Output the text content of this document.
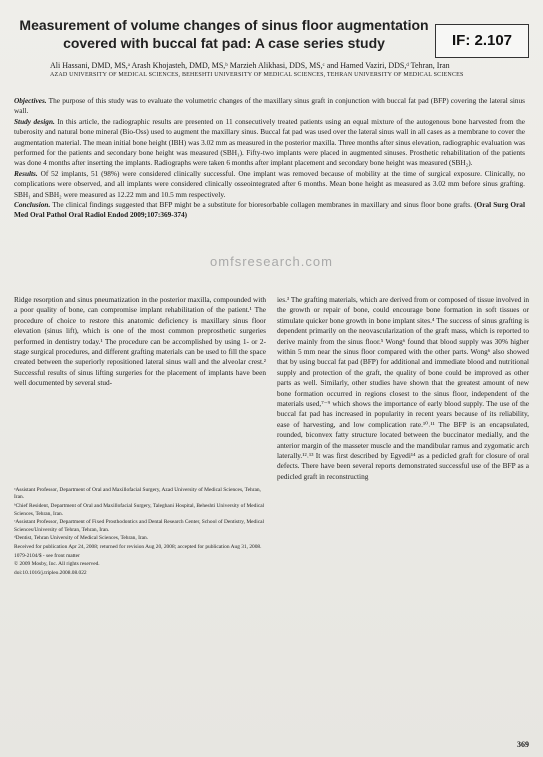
Measurement of volume changes of sinus floor augmentation covered with buccal fat pad: A case series study	IF: 2.107
Ali Hassani, DMD, MS,ᵃ Arash Khojasteh, DMD, MS,ᵇ Marzieh Alikhasi, DDS, MS,ᶜ and Hamed Vaziri, DDS,ᵈ Tehran, Iran
AZAD UNIVERSITY OF MEDICAL SCIENCES, BEHESHTI UNIVERSITY OF MEDICAL SCIENCES, TEHRAN UNIVERSITY OF MEDICAL SCIENCES

Objectives. The purpose of this study was to evaluate the volumetric changes of the maxillary sinus graft in conjunction with buccal fat pad (BFP) covering the lateral sinus wall.

Study design. In this article, the radiographic results are presented on 11 consecutively treated patients using an equal mixture of the autogenous bone harvested from the tuberosity and natural bone mineral (Bio-Oss) used to augment the maxillary sinus. Buccal fat pad was used over the lateral sinus wall in all cases as a membrane to cover the augmentation material. The mean initial bone height (IBH) was 3.02 mm as measured in the posterior maxilla. Three months after sinus elevation, radiographic evaluation was performed for the patients and secondary bone height was measured (SBH₁). Fifty-two implants were placed in augmented sinuses. Prosthetic rehabilitation of the patients was done 4 months after inserting the implants. Radiographs were taken 6 months after implant placement and secondary bone height was measured (SBH₂).

Results. Of 52 implants, 51 (98%) were considered clinically successful. One implant was removed because of mobility at the time of surgical exposure. Clinically, no complications were observed, and all implants were considered clinically osseointegrated after 6 months. Mean bone height as measured as 3.02 mm before sinus grafting. SBH₁ and SBH₂ were measured as 12.22 mm and 10.5 mm respectively.

Conclusion. The clinical findings suggested that BFP might be a substitute for bioresorbable collagen membranes in maxillary and sinus floor bone grafts. (Oral Surg Oral Med Oral Pathol Oral Radiol Endod 2009;107:369-374)

omfsresearch.com

Ridge resorption and sinus pneumatization in the posterior maxilla, compounded with a poor quality of bone, can compromise implant rehabilitation of the patient.¹ The procedure of choice to restore this anatomic deficiency is maxillary sinus floor elevation (sinus lift), which is one of the most common preprosthetic surgeries performed in dentistry today.¹ The procedure can be accomplished by using 1- or 2-stage surgical procedures, and different grafting materials can be used to fill the space created between the superiorly repositioned lateral sinus wall and the alveolar crest.² Successful results of sinus lifting surgeries for the placement of implants have been well documented by several stud-

ᵃAssistant Professor, Department of Oral and Maxillofacial Surgery, Azad University of Medical Sciences, Tehran, Iran.

ᵇChief Resident, Department of Oral and Maxillofacial Surgery, Taleghani Hospital, Beheshti University of Medical Sciences, Tehran, Iran.

ᶜAssistant Professor, Department of Fixed Prosthodontics and Dental Research Center, School of Dentistry, Medical Sciences/University of Tehran, Tehran, Iran.

ᵈDentist, Tehran University of Medical Sciences, Tehran, Iran.

Received for publication Apr 24, 2008; returned for revision Aug 20, 2008; accepted for publication Aug 31, 2008.

1079-2104/$ - see front matter

© 2009 Mosby, Inc. All rights reserved.

doi:10.1016/j.tripleo.2008.08.022

ies.³ The grafting materials, which are derived from or composed of tissue involved in the growth or repair of bone, could encourage bone formation in soft tissues or stimulate quicker bone growth in bone implant sites.⁴ The success of sinus grafting is dependent primarily on the neovascularization of the graft mass, which is reported to derive mainly from the sinus floor.⁵ Wong⁶ found that blood supply was 30% higher within 5 mm near the sinus floor compared with the other parts. Wong⁶ also showed that by using buccal fat pad (BFP) for additional and immediate blood and nutritional supply and protection of the graft, the quality of bone could be improved as other parts as well. Similarly, other studies have shown that the greatest amount of new bone formation occurred in regions closest to the sinus floor, independent of the materials used,⁷⁻⁹ which shows the importance of early blood supply. The use of the buccal fat pad has increased in popularity in recent years because of its reliability, ease of harvesting, and low complication rate.¹⁰˒¹¹ The BFP is an encapsulated, rounded, biconvex fatty structure located between the buccinator medially, and the anterior margin of the masseter muscle and the mandibular ramus and zygomatic arch laterally.¹²˒¹³ It was first described by Egyedi¹⁴ as a pedicled graft for closure of oral defects. There have been several reports demonstrated successful use of the BFP as a pedicled graft in reconstructing

369
